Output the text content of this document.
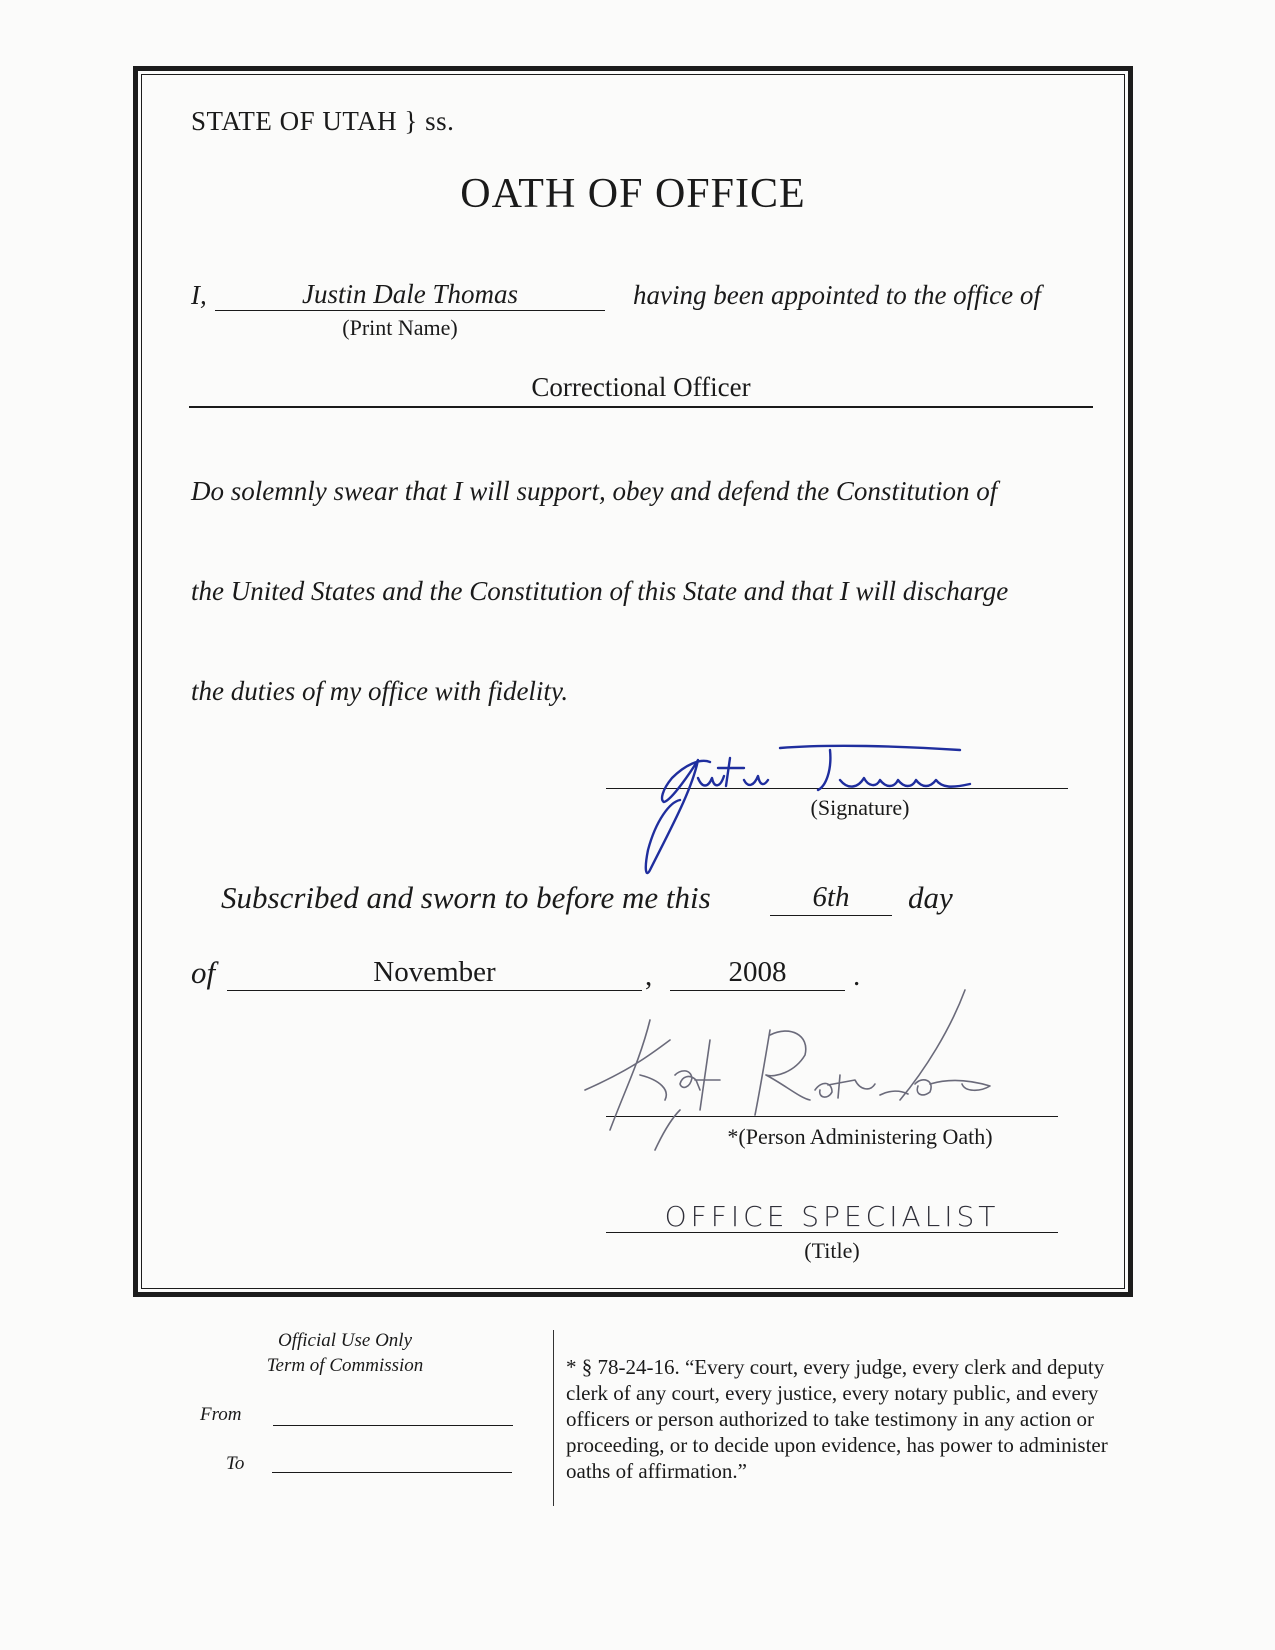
STATE OF UTAH } ss.
OATH OF OFFICE
I,	Justin Dale Thomas
(Print Name)
having been appointed to the office of
Correctional Officer
Do solemnly swear that I will support, obey and defend the Constitution of
the United States and the Constitution of this State and that I will discharge
the duties of my office with fidelity.
(Signature)
Subscribed and sworn to before me this	6th	day
of	November	,	2008	.
*(Person Administering Oath)
OFFICE SPECIALIST
(Title)
Official Use Only
Term of Commission
From
To
* § 78-24-16. “Every court, every judge, every clerk and deputy clerk of any court, every justice, every notary public, and every officers or person authorized to take testimony in any action or proceeding, or to decide upon evidence, has power to administer oaths of affirmation.”
